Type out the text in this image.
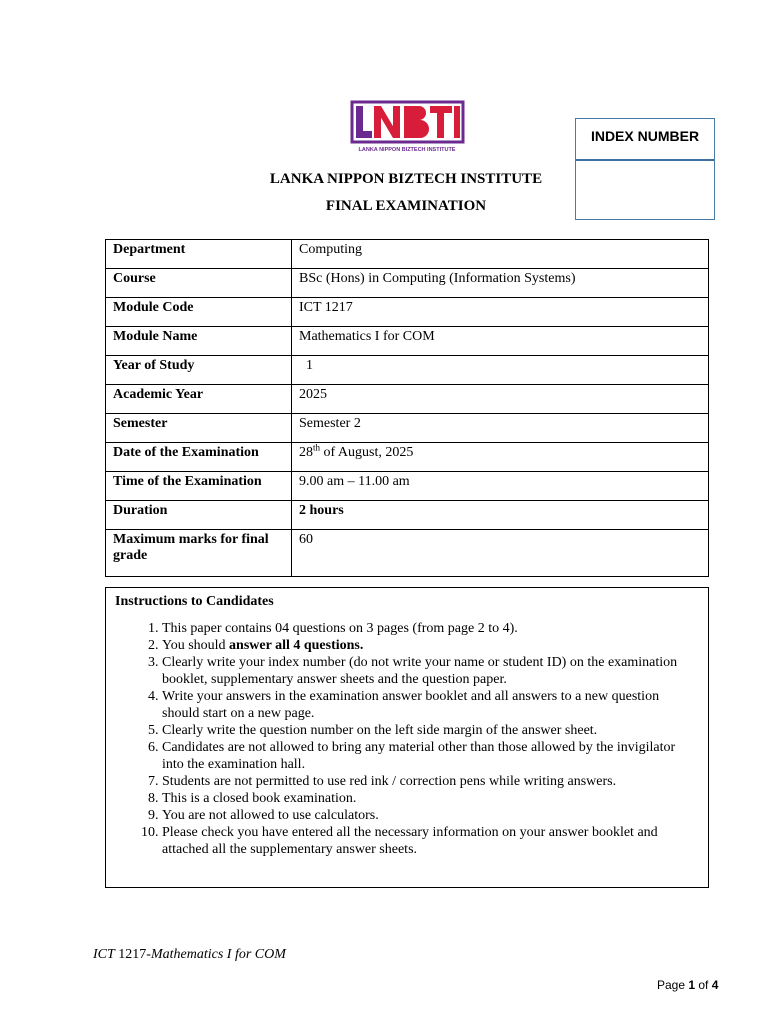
LANKA NIPPON BIZTECH INSTITUTE
INDEX NUMBER
LANKA NIPPON BIZTECH INSTITUTE
FINAL EXAMINATION
Department	Computing
Course	BSc (Hons) in Computing (Information Systems)
Module Code	ICT 1217
Module Name	Mathematics I for COM
Year of Study	1
Academic Year	2025
Semester	Semester 2
Date of the Examination	28th of August, 2025
Time of the Examination	9.00 am – 11.00 am
Duration	2 hours
Maximum marks for final grade	60
Instructions to Candidates
1. This paper contains 04 questions on 3 pages (from page 2 to 4).
2. You should answer all 4 questions.
3. Clearly write your index number (do not write your name or student ID) on the examination booklet, supplementary answer sheets and the question paper.
4. Write your answers in the examination answer booklet and all answers to a new question should start on a new page.
5. Clearly write the question number on the left side margin of the answer sheet.
6. Candidates are not allowed to bring any material other than those allowed by the invigilator into the examination hall.
7. Students are not permitted to use red ink / correction pens while writing answers.
8. This is a closed book examination.
9. You are not allowed to use calculators.
10. Please check you have entered all the necessary information on your answer booklet and attached all the supplementary answer sheets.
ICT 1217-Mathematics I for COM
Page 1 of 4
